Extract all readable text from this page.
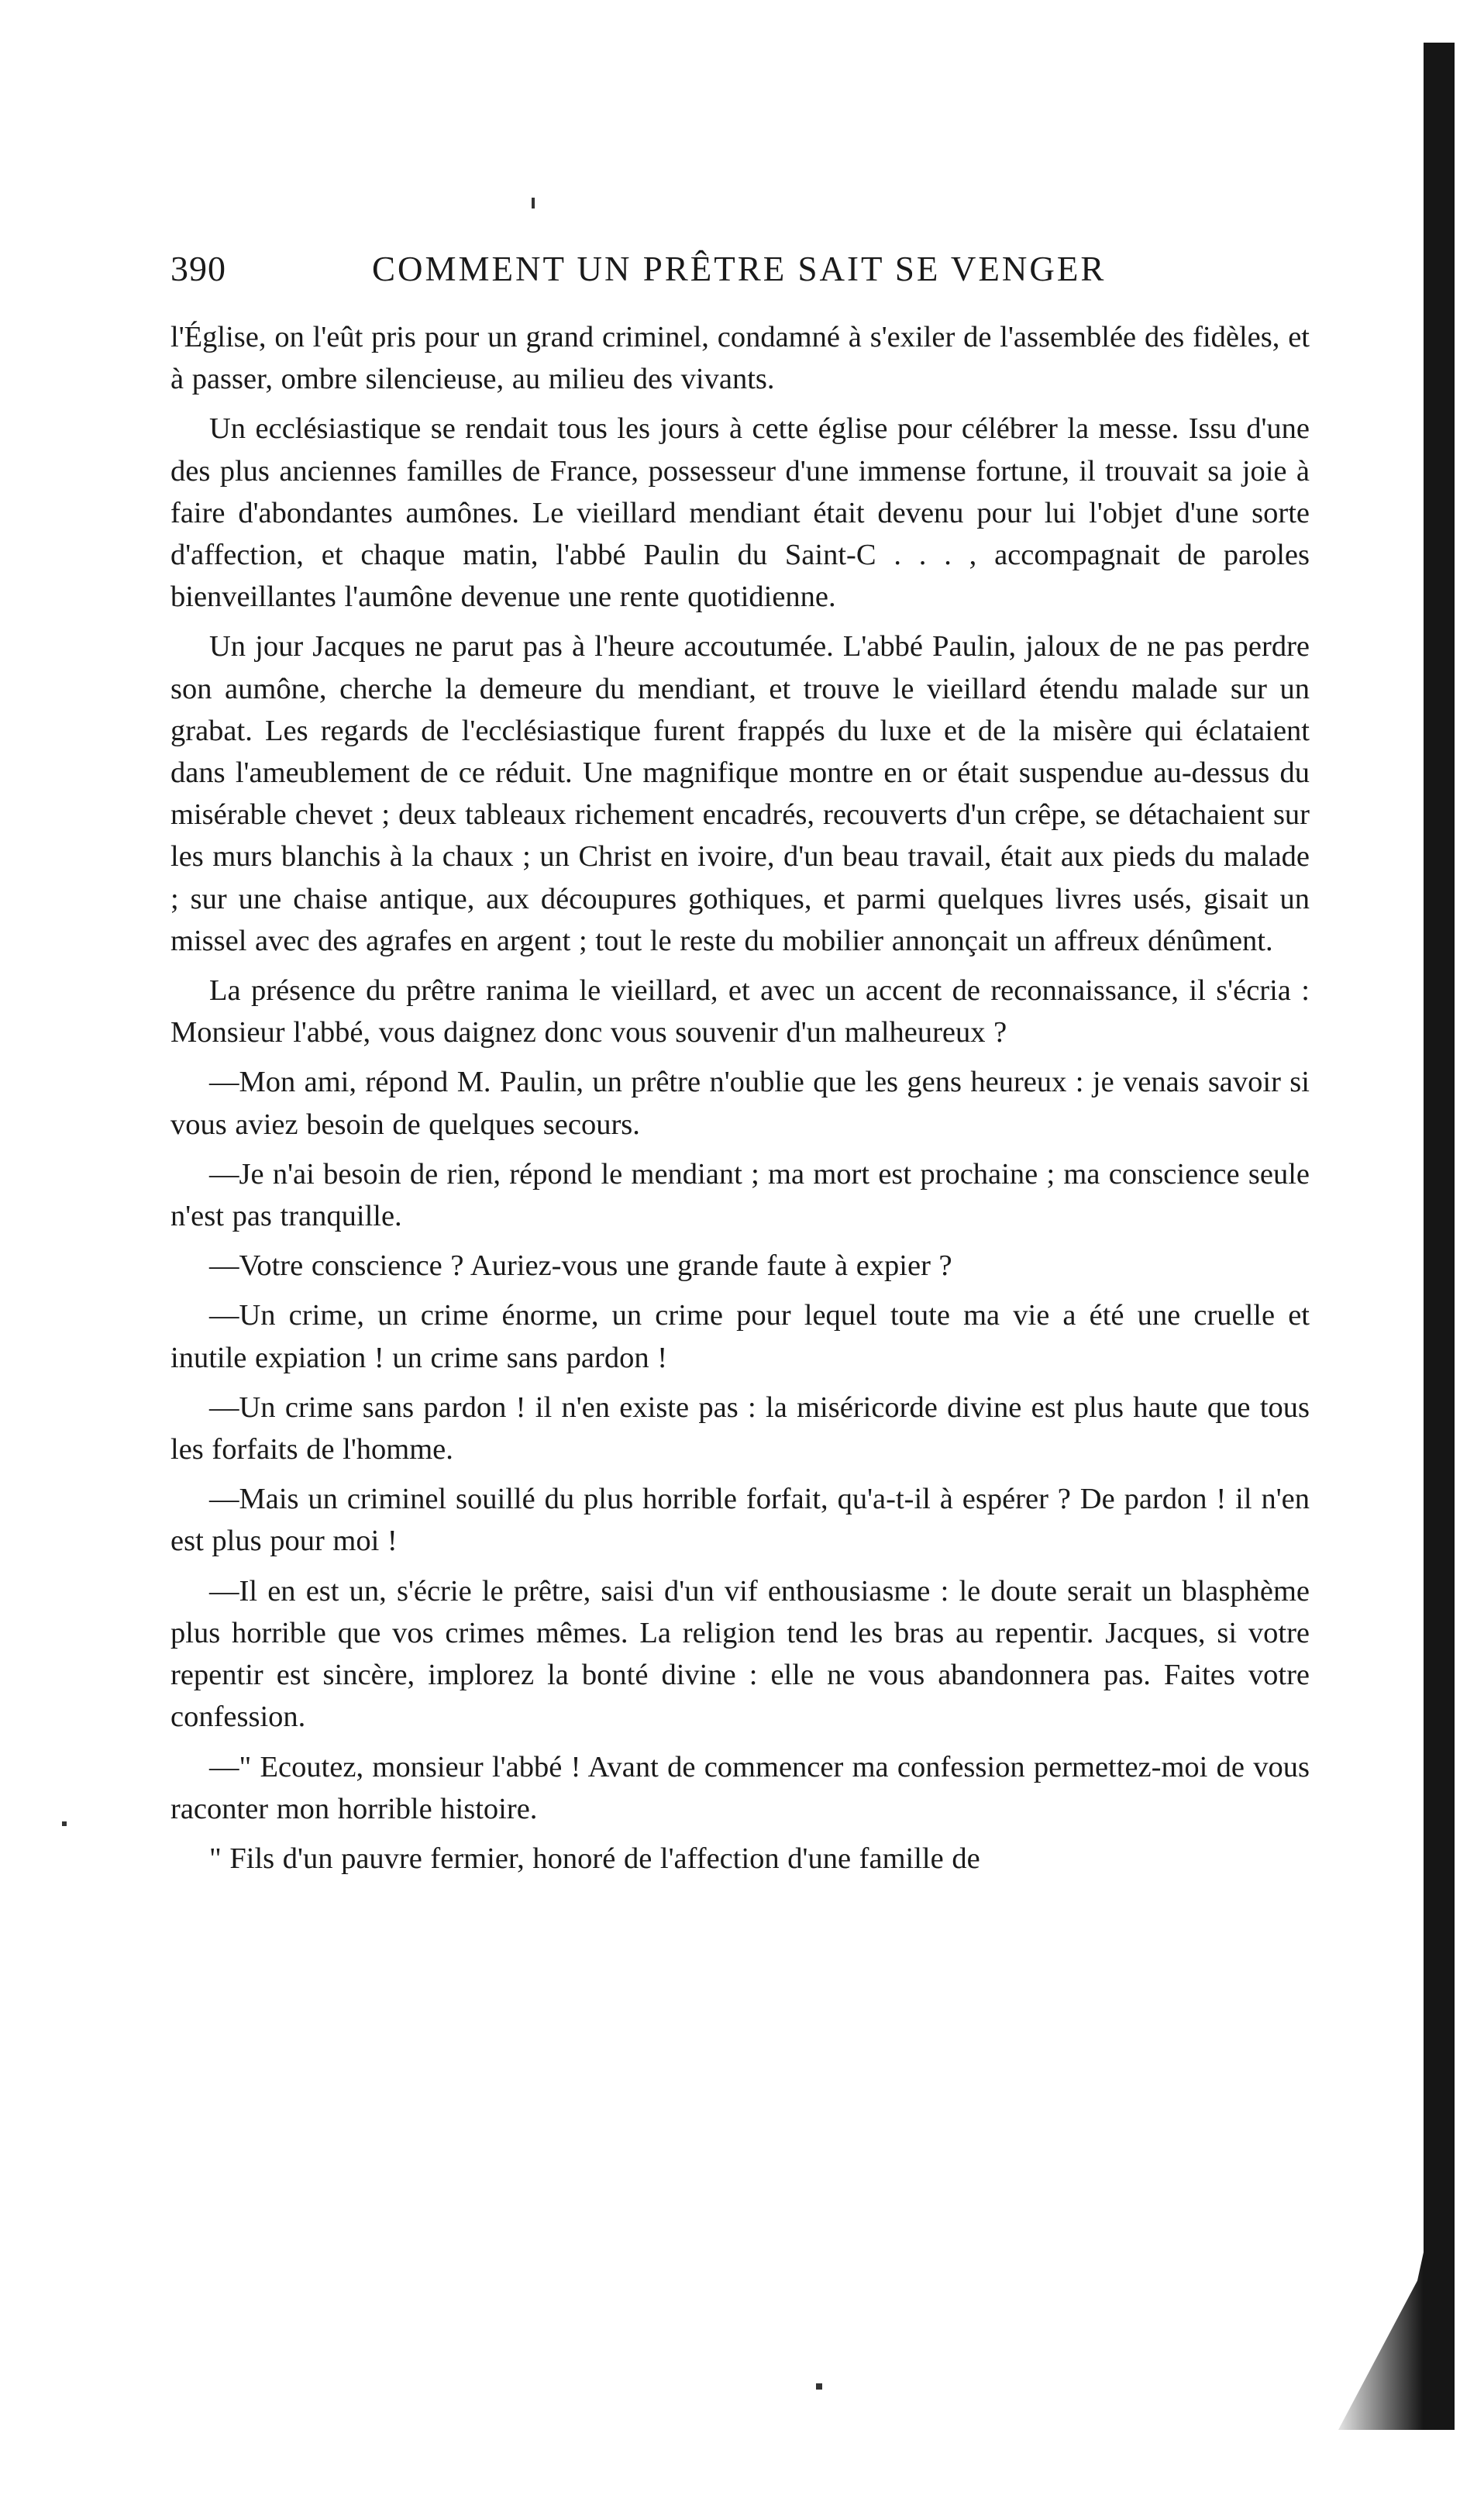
390	COMMENT UN PRÊTRE SAIT SE VENGER

l'Église, on l'eût pris pour un grand criminel, condamné à s'exiler de l'assemblée des fidèles, et à passer, ombre silencieuse, au milieu des vivants.

Un ecclésiastique se rendait tous les jours à cette église pour célébrer la messe. Issu d'une des plus anciennes familles de France, possesseur d'une immense fortune, il trouvait sa joie à faire d'abondantes aumônes. Le vieillard mendiant était devenu pour lui l'objet d'une sorte d'affection, et chaque matin, l'abbé Paulin du Saint-C . . . , accompagnait de paroles bienveillantes l'aumône devenue une rente quotidienne.

Un jour Jacques ne parut pas à l'heure accoutumée. L'abbé Paulin, jaloux de ne pas perdre son aumône, cherche la demeure du mendiant, et trouve le vieillard étendu malade sur un grabat. Les regards de l'ecclésiastique furent frappés du luxe et de la misère qui éclataient dans l'ameublement de ce réduit. Une magnifique montre en or était suspendue au-dessus du misérable chevet ; deux tableaux richement encadrés, recouverts d'un crêpe, se détachaient sur les murs blanchis à la chaux ; un Christ en ivoire, d'un beau travail, était aux pieds du malade ; sur une chaise antique, aux découpures gothiques, et parmi quelques livres usés, gisait un missel avec des agrafes en argent ; tout le reste du mobilier annonçait un affreux dénûment.

La présence du prêtre ranima le vieillard, et avec un accent de reconnaissance, il s'écria : Monsieur l'abbé, vous daignez donc vous souvenir d'un malheureux ?

—Mon ami, répond M. Paulin, un prêtre n'oublie que les gens heureux : je venais savoir si vous aviez besoin de quelques secours.

—Je n'ai besoin de rien, répond le mendiant ; ma mort est prochaine ; ma conscience seule n'est pas tranquille.

—Votre conscience ? Auriez-vous une grande faute à expier ?

—Un crime, un crime énorme, un crime pour lequel toute ma vie a été une cruelle et inutile expiation ! un crime sans pardon !

—Un crime sans pardon ! il n'en existe pas : la miséricorde divine est plus haute que tous les forfaits de l'homme.

—Mais un criminel souillé du plus horrible forfait, qu'a-t-il à espérer ? De pardon ! il n'en est plus pour moi !

—Il en est un, s'écrie le prêtre, saisi d'un vif enthousiasme : le doute serait un blasphème plus horrible que vos crimes mêmes. La religion tend les bras au repentir. Jacques, si votre repentir est sincère, implorez la bonté divine : elle ne vous abandonnera pas. Faites votre confession.

—" Ecoutez, monsieur l'abbé ! Avant de commencer ma confession permettez-moi de vous raconter mon horrible histoire.

" Fils d'un pauvre fermier, honoré de l'affection d'une famille de
